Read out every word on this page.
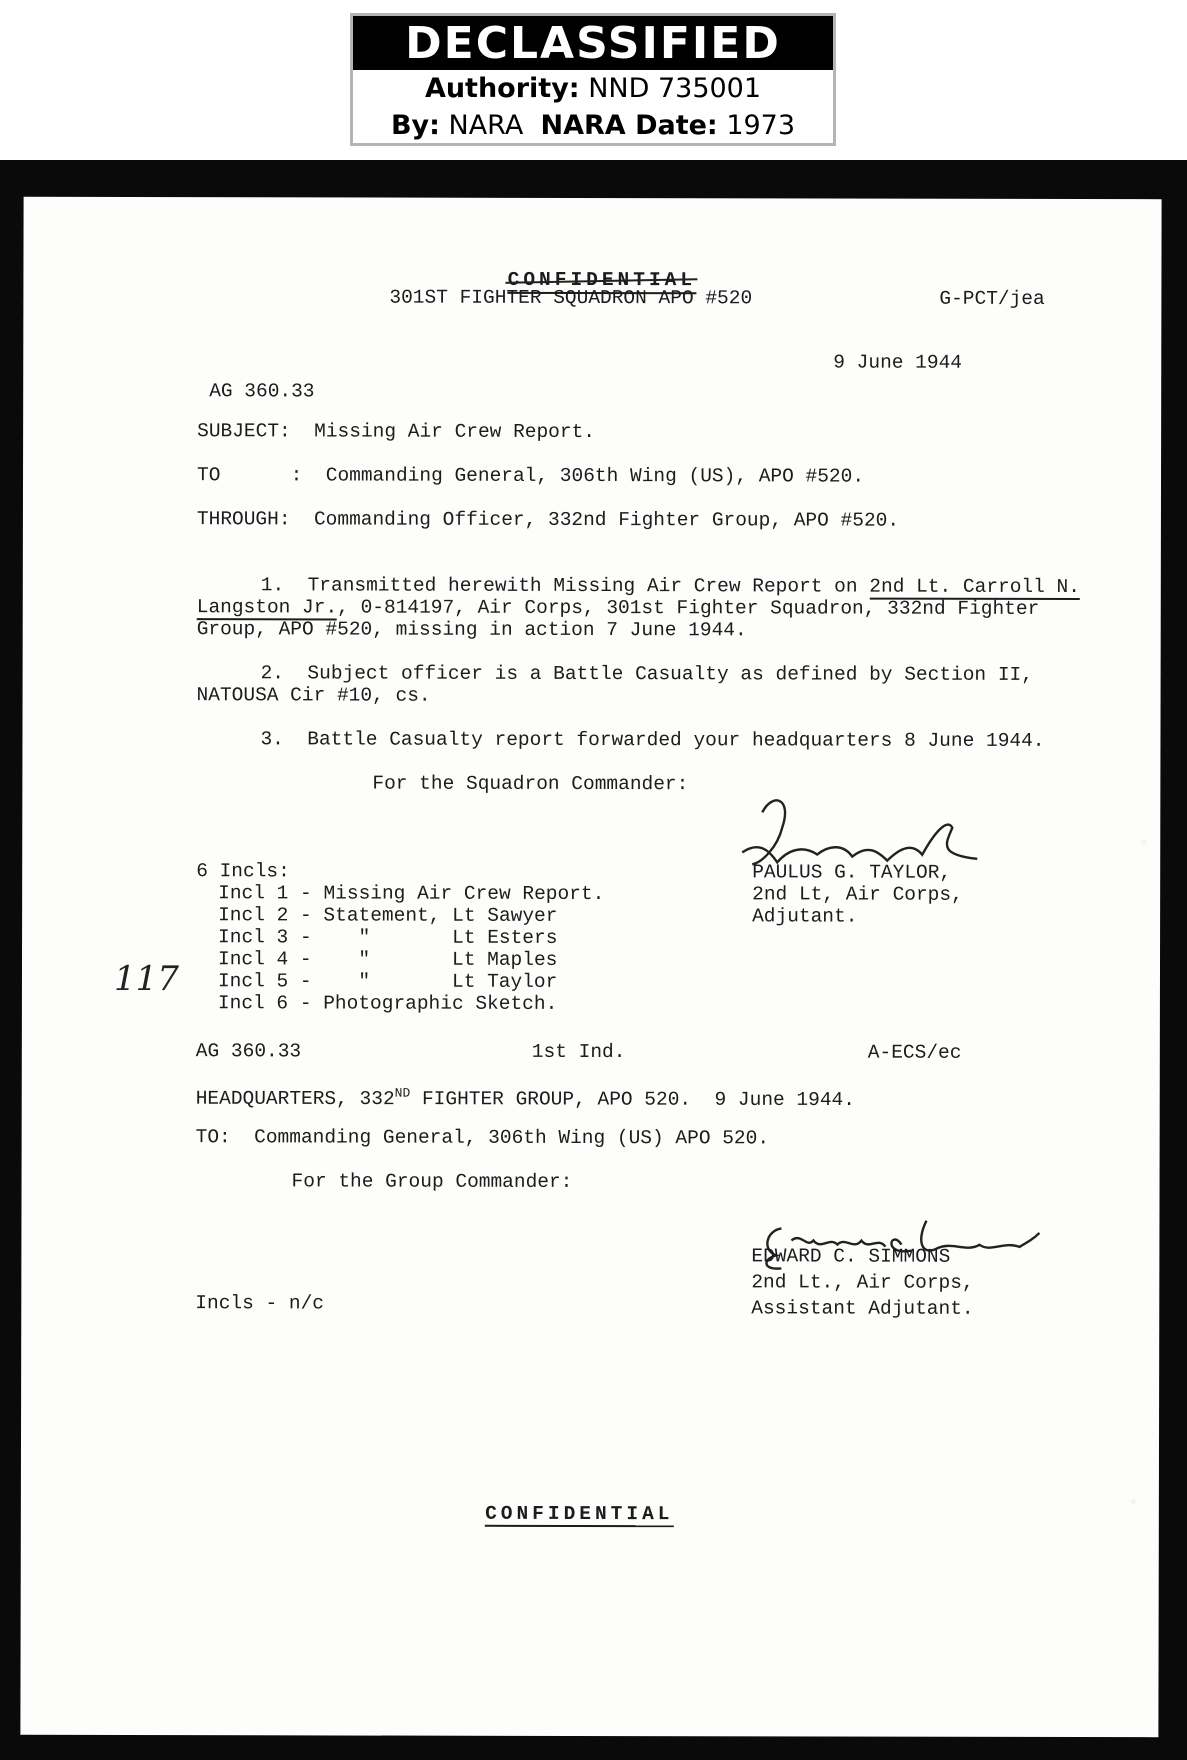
DECLASSIFIED
Authority: NND 735001
By: NARA NARA Date: 1973

CONFIDENTIAL

301ST FIGHTER SQUADRON APO #520	G-PCT/jea
9 June 1944
AG 360.33
SUBJECT: Missing Air Crew Report.
TO      : Commanding General, 306th Wing (US), APO #520.
THROUGH: Commanding Officer, 332nd Fighter Group, APO #520.
1. Transmitted herewith Missing Air Crew Report on 2nd Lt. Carroll N.
Langston Jr., 0-814197, Air Corps, 301st Fighter Squadron, 332nd Fighter
Group, APO #520, missing in action 7 June 1944.
2. Subject officer is a Battle Casualty as defined by Section II,
NATOUSA Cir #10, cs.
3. Battle Casualty report forwarded your headquarters 8 June 1944.
For the Squadron Commander:
PAULUS G. TAYLOR,
2nd Lt, Air Corps,
Adjutant.
6 Incls:
Incl 1 - Missing Air Crew Report.
Incl 2 - Statement, Lt Sawyer
Incl 3 -    "       Lt Esters
Incl 4 -    "       Lt Maples
Incl 5 -    "       Lt Taylor
Incl 6 - Photographic Sketch.
117
AG 360.33	1st Ind.	A-ECS/ec
HEADQUARTERS, 332ND FIGHTER GROUP, APO 520.  9 June 1944.
TO: Commanding General, 306th Wing (US) APO 520.
For the Group Commander:
EDWARD C. SIMMONS
2nd Lt., Air Corps,
Assistant Adjutant.
Incls - n/c

CONFIDENTIAL
